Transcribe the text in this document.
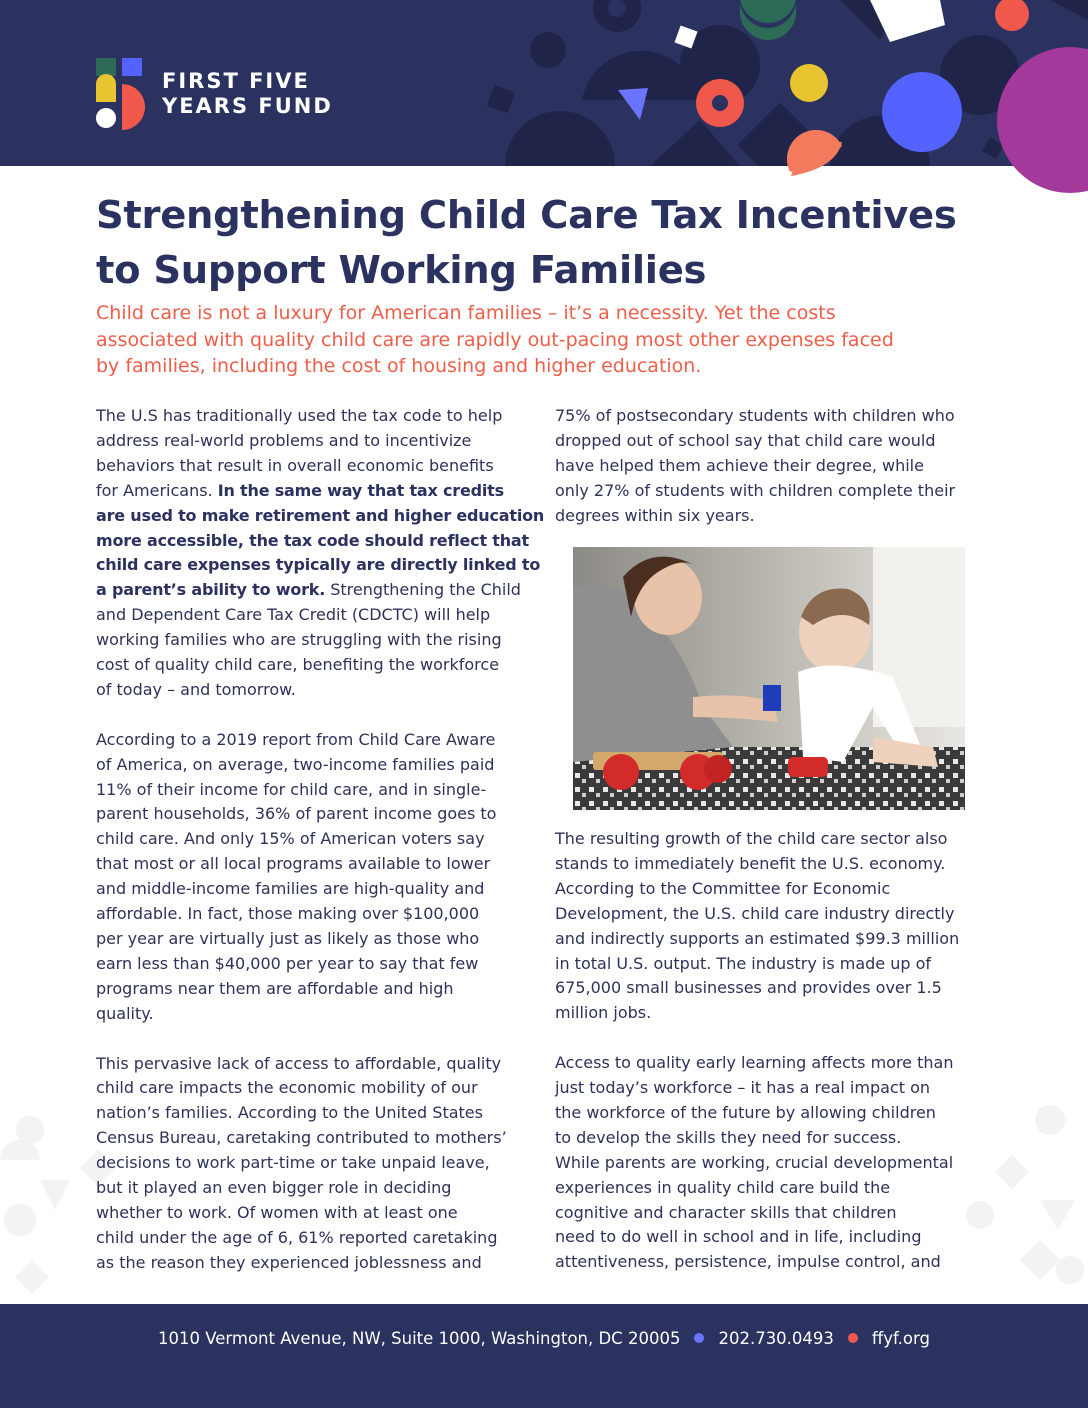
FIRST FIVE
YEARS FUND
Strengthening Child Care Tax Incentives
to Support Working Families
Child care is not a luxury for American families – it’s a necessity. Yet the costs
associated with quality child care are rapidly out-pacing most other expenses faced
by families, including the cost of housing and higher education.
The U.S has traditionally used the tax code to help
address real-world problems and to incentivize
behaviors that result in overall economic benefits
for Americans. In the same way that tax credits
are used to make retirement and higher education
more accessible, the tax code should reflect that
child care expenses typically are directly linked to
a parent’s ability to work. Strengthening the Child
and Dependent Care Tax Credit (CDCTC) will help
working families who are struggling with the rising
cost of quality child care, benefiting the workforce
of today – and tomorrow.
According to a 2019 report from Child Care Aware
of America, on average, two-income families paid
11% of their income for child care, and in single-
parent households, 36% of parent income goes to
child care. And only 15% of American voters say
that most or all local programs available to lower
and middle-income families are high-quality and
affordable. In fact, those making over $100,000
per year are virtually just as likely as those who
earn less than $40,000 per year to say that few
programs near them are affordable and high
quality.
This pervasive lack of access to affordable, quality
child care impacts the economic mobility of our
nation’s families. According to the United States
Census Bureau, caretaking contributed to mothers’
decisions to work part-time or take unpaid leave,
but it played an even bigger role in deciding
whether to work. Of women with at least one
child under the age of 6, 61% reported caretaking
as the reason they experienced joblessness and
75% of postsecondary students with children who
dropped out of school say that child care would
have helped them achieve their degree, while
only 27% of students with children complete their
degrees within six years.
The resulting growth of the child care sector also
stands to immediately benefit the U.S. economy.
According to the Committee for Economic
Development, the U.S. child care industry directly
and indirectly supports an estimated $99.3 million
in total U.S. output. The industry is made up of
675,000 small businesses and provides over 1.5
million jobs.
Access to quality early learning affects more than
just today’s workforce – it has a real impact on
the workforce of the future by allowing children
to develop the skills they need for success.
While parents are working, crucial developmental
experiences in quality child care build the
cognitive and character skills that children
need to do well in school and in life, including
attentiveness, persistence, impulse control, and
1010 Vermont Avenue, NW, Suite 1000, Washington, DC 20005 202.730.0493 ffyf.org
